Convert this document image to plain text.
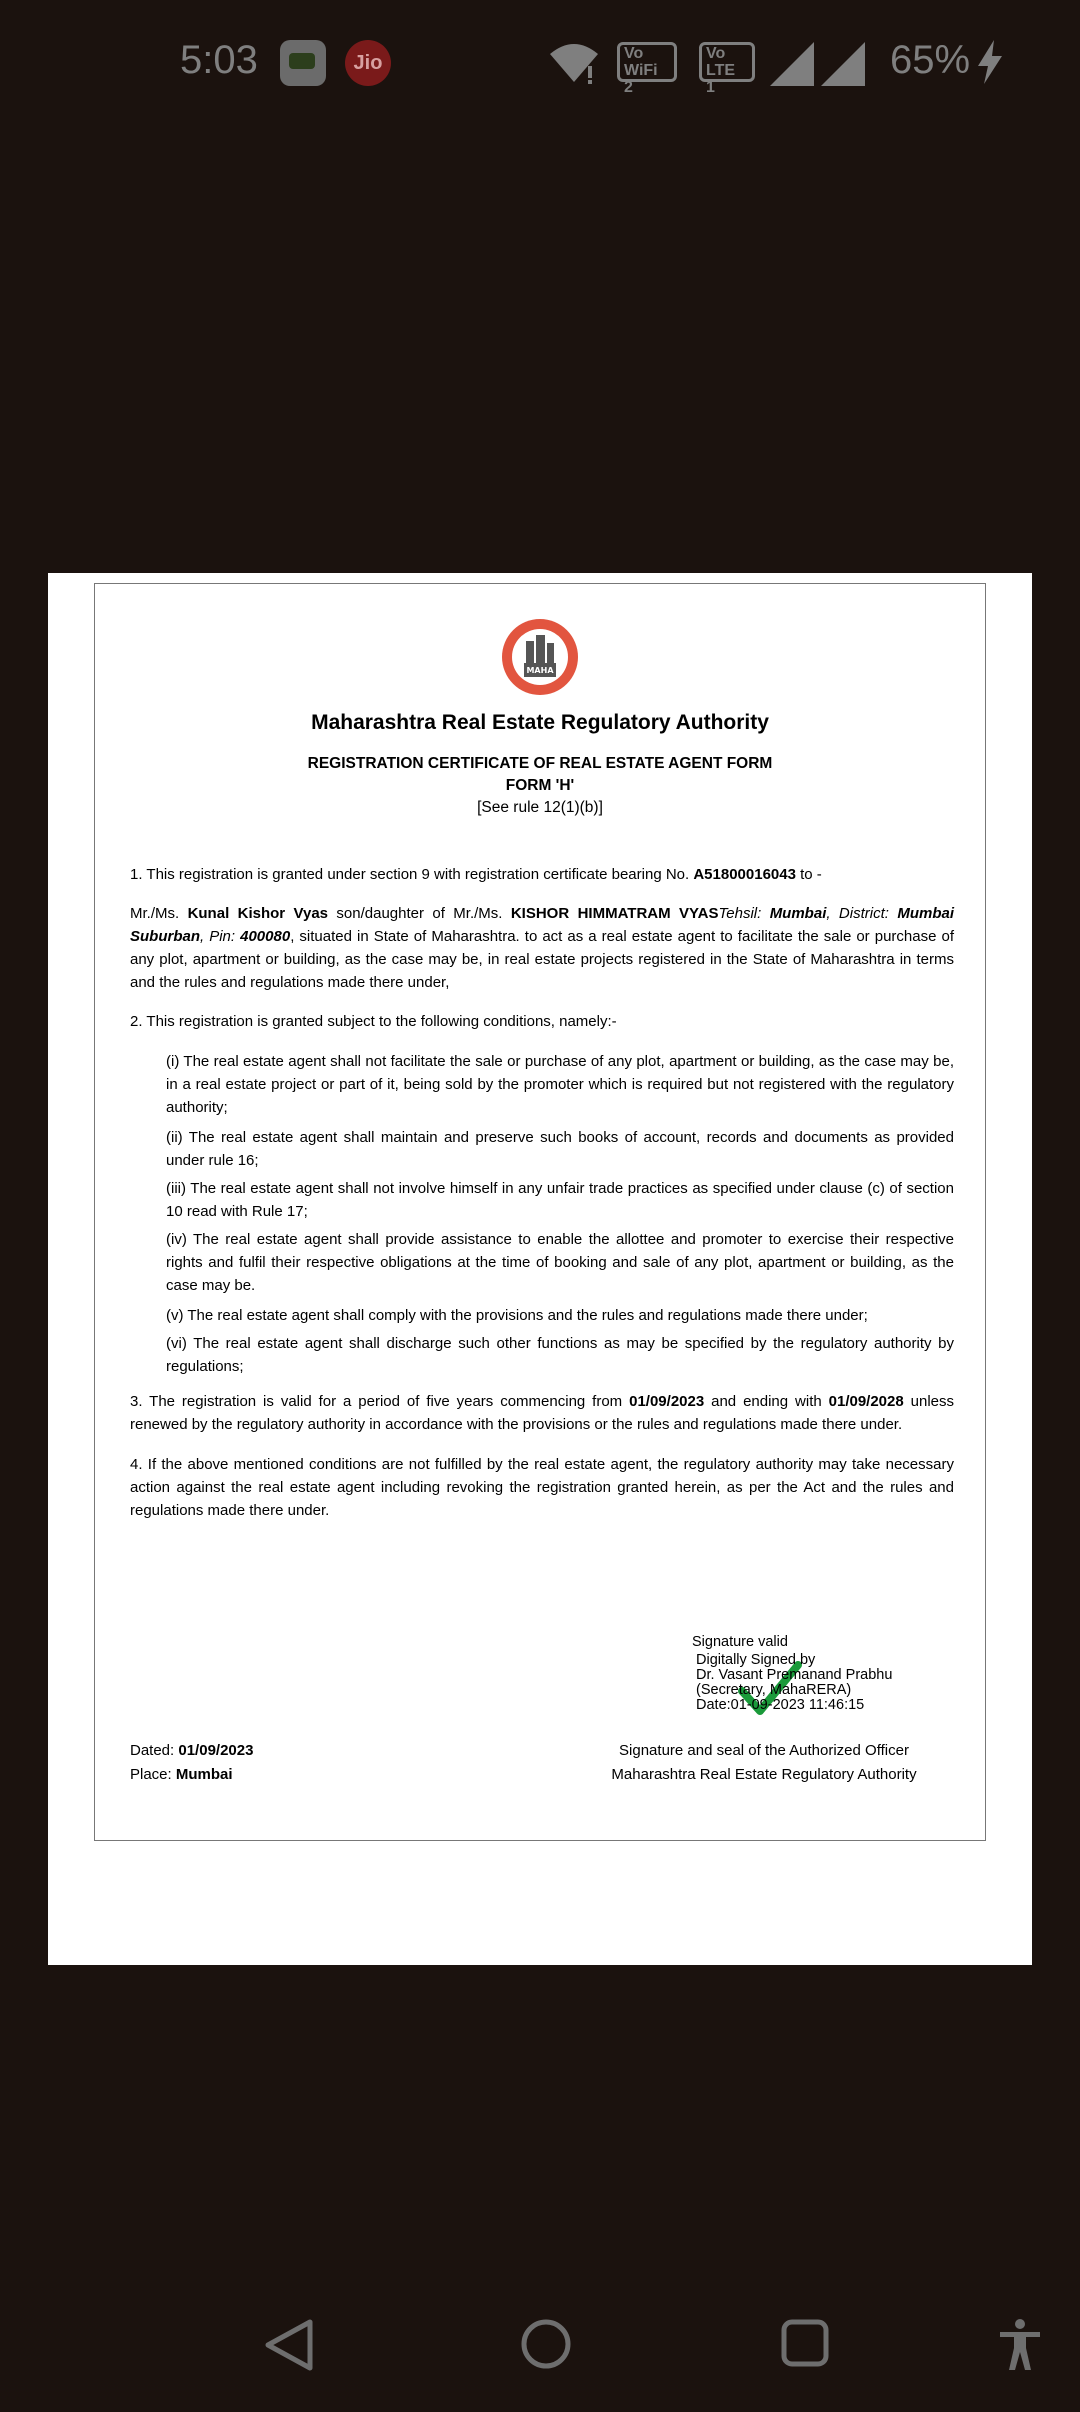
5:03	Jio	Vo WiFi 2
Vo LTE 1
65%
MAHA
Maharashtra Real Estate Regulatory Authority
REGISTRATION CERTIFICATE OF REAL ESTATE AGENT FORM
FORM 'H'
[See rule 12(1)(b)]
1. This registration is granted under section 9 with registration certificate bearing No. A51800016043 to -
Mr./Ms. Kunal Kishor Vyas son/daughter of Mr./Ms. KISHOR HIMMATRAM VYASTehsil: Mumbai, District: Mumbai Suburban, Pin: 400080, situated in State of Maharashtra. to act as a real estate agent to facilitate the sale or purchase of any plot, apartment or building, as the case may be, in real estate projects registered in the State of Maharashtra in terms and the rules and regulations made there under,
2. This registration is granted subject to the following conditions, namely:-
(i) The real estate agent shall not facilitate the sale or purchase of any plot, apartment or building, as the case may be, in a real estate project or part of it, being sold by the promoter which is required but not registered with the regulatory authority;
(ii) The real estate agent shall maintain and preserve such books of account, records and documents as provided under rule 16;
(iii) The real estate agent shall not involve himself in any unfair trade practices as specified under clause (c) of section 10 read with Rule 17;
(iv) The real estate agent shall provide assistance to enable the allottee and promoter to exercise their respective rights and fulfil their respective obligations at the time of booking and sale of any plot, apartment or building, as the case may be.
(v) The real estate agent shall comply with the provisions and the rules and regulations made there under;
(vi) The real estate agent shall discharge such other functions as may be specified by the regulatory authority by regulations;
3. The registration is valid for a period of five years commencing from 01/09/2023 and ending with 01/09/2028 unless renewed by the regulatory authority in accordance with the provisions or the rules and regulations made there under.
4. If the above mentioned conditions are not fulfilled by the real estate agent, the regulatory authority may take necessary action against the real estate agent including revoking the registration granted herein, as per the Act and the rules and regulations made there under.
Signature valid
Digitally Signed by
Dr. Vasant Premanand Prabhu
(Secretary, MahaRERA)
Date:01-09-2023 11:46:15
Dated: 01/09/2023
Place: Mumbai
Signature and seal of the Authorized Officer
Maharashtra Real Estate Regulatory Authority
